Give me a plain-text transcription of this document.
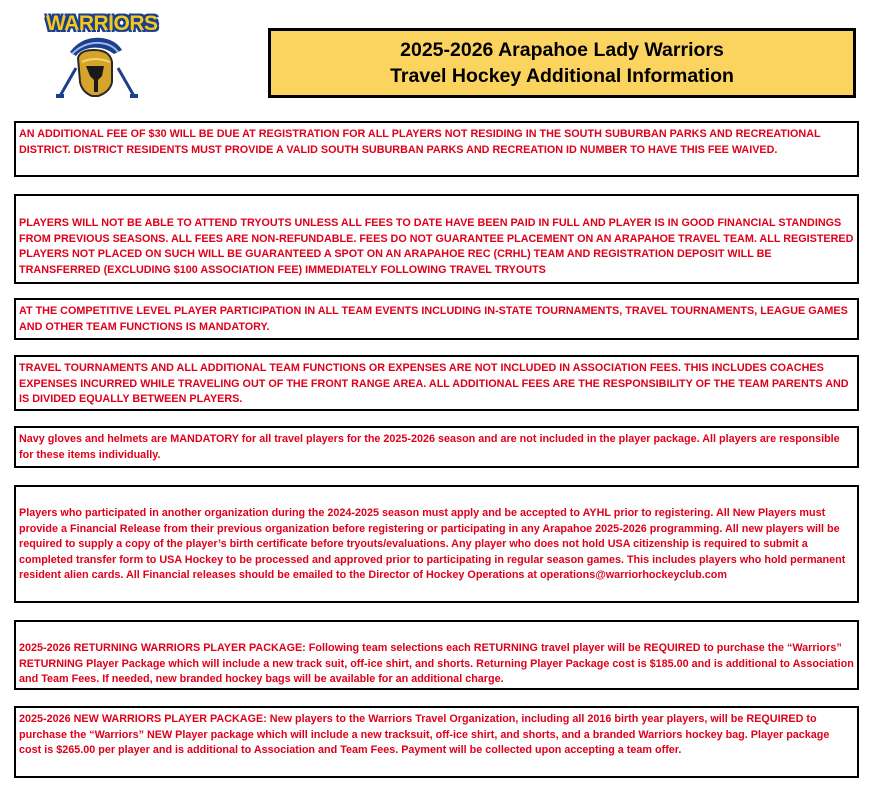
WARRIORS
2025-2026 Arapahoe Lady Warriors
Travel Hockey Additional Information
AN ADDITIONAL FEE OF $30 WILL BE DUE AT REGISTRATION FOR ALL PLAYERS NOT RESIDING IN THE SOUTH SUBURBAN PARKS AND RECREATIONAL DISTRICT. DISTRICT RESIDENTS MUST PROVIDE A VALID SOUTH SUBURBAN PARKS AND RECREATION ID NUMBER TO HAVE THIS FEE WAIVED.
PLAYERS WILL NOT BE ABLE TO ATTEND TRYOUTS UNLESS ALL FEES TO DATE HAVE BEEN PAID IN FULL AND PLAYER IS IN GOOD FINANCIAL STANDINGS FROM PREVIOUS SEASONS. ALL FEES ARE NON-REFUNDABLE. FEES DO NOT GUARANTEE PLACEMENT ON AN ARAPAHOE TRAVEL TEAM. ALL REGISTERED PLAYERS NOT PLACED ON SUCH WILL BE GUARANTEED A SPOT ON AN ARAPAHOE REC (CRHL) TEAM AND REGISTRATION DEPOSIT WILL BE TRANSFERRED (EXCLUDING $100 ASSOCIATION FEE) IMMEDIATELY FOLLOWING TRAVEL TRYOUTS
AT THE COMPETITIVE LEVEL PLAYER PARTICIPATION IN ALL TEAM EVENTS INCLUDING IN-STATE TOURNAMENTS, TRAVEL TOURNAMENTS, LEAGUE GAMES AND OTHER TEAM FUNCTIONS IS MANDATORY.
TRAVEL TOURNAMENTS AND ALL ADDITIONAL TEAM FUNCTIONS OR EXPENSES ARE NOT INCLUDED IN ASSOCIATION FEES. THIS INCLUDES COACHES EXPENSES INCURRED WHILE TRAVELING OUT OF THE FRONT RANGE AREA. ALL ADDITIONAL FEES ARE THE RESPONSIBILITY OF THE TEAM PARENTS AND IS DIVIDED EQUALLY BETWEEN PLAYERS.
Navy gloves and helmets are MANDATORY for all travel players for the 2025-2026 season and are not included in the player package. All players are responsible for these items individually.
Players who participated in another organization during the 2024-2025 season must apply and be accepted to AYHL prior to registering. All New Players must provide a Financial Release from their previous organization before registering or participating in any Arapahoe 2025-2026 programming. All new players will be required to supply a copy of the player’s birth certificate before tryouts/evaluations. Any player who does not hold USA citizenship is required to submit a completed transfer form to USA Hockey to be processed and approved prior to participating in regular season games. This includes players who hold permanent resident alien cards. All Financial releases should be emailed to the Director of Hockey Operations at operations@warriorhockeyclub.com
2025-2026 RETURNING WARRIORS PLAYER PACKAGE: Following team selections each RETURNING travel player will be REQUIRED to purchase the “Warriors” RETURNING Player Package which will include a new track suit, off-ice shirt, and shorts. Returning Player Package cost is $185.00 and is additional to Association and Team Fees. If needed, new branded hockey bags will be available for an additional charge.
2025-2026 NEW WARRIORS PLAYER PACKAGE: New players to the Warriors Travel Organization, including all 2016 birth year players, will be REQUIRED to purchase the “Warriors” NEW Player package which will include a new tracksuit, off-ice shirt, and shorts, and a branded Warriors hockey bag. Player package cost is $265.00 per player and is additional to Association and Team Fees. Payment will be collected upon accepting a team offer.
